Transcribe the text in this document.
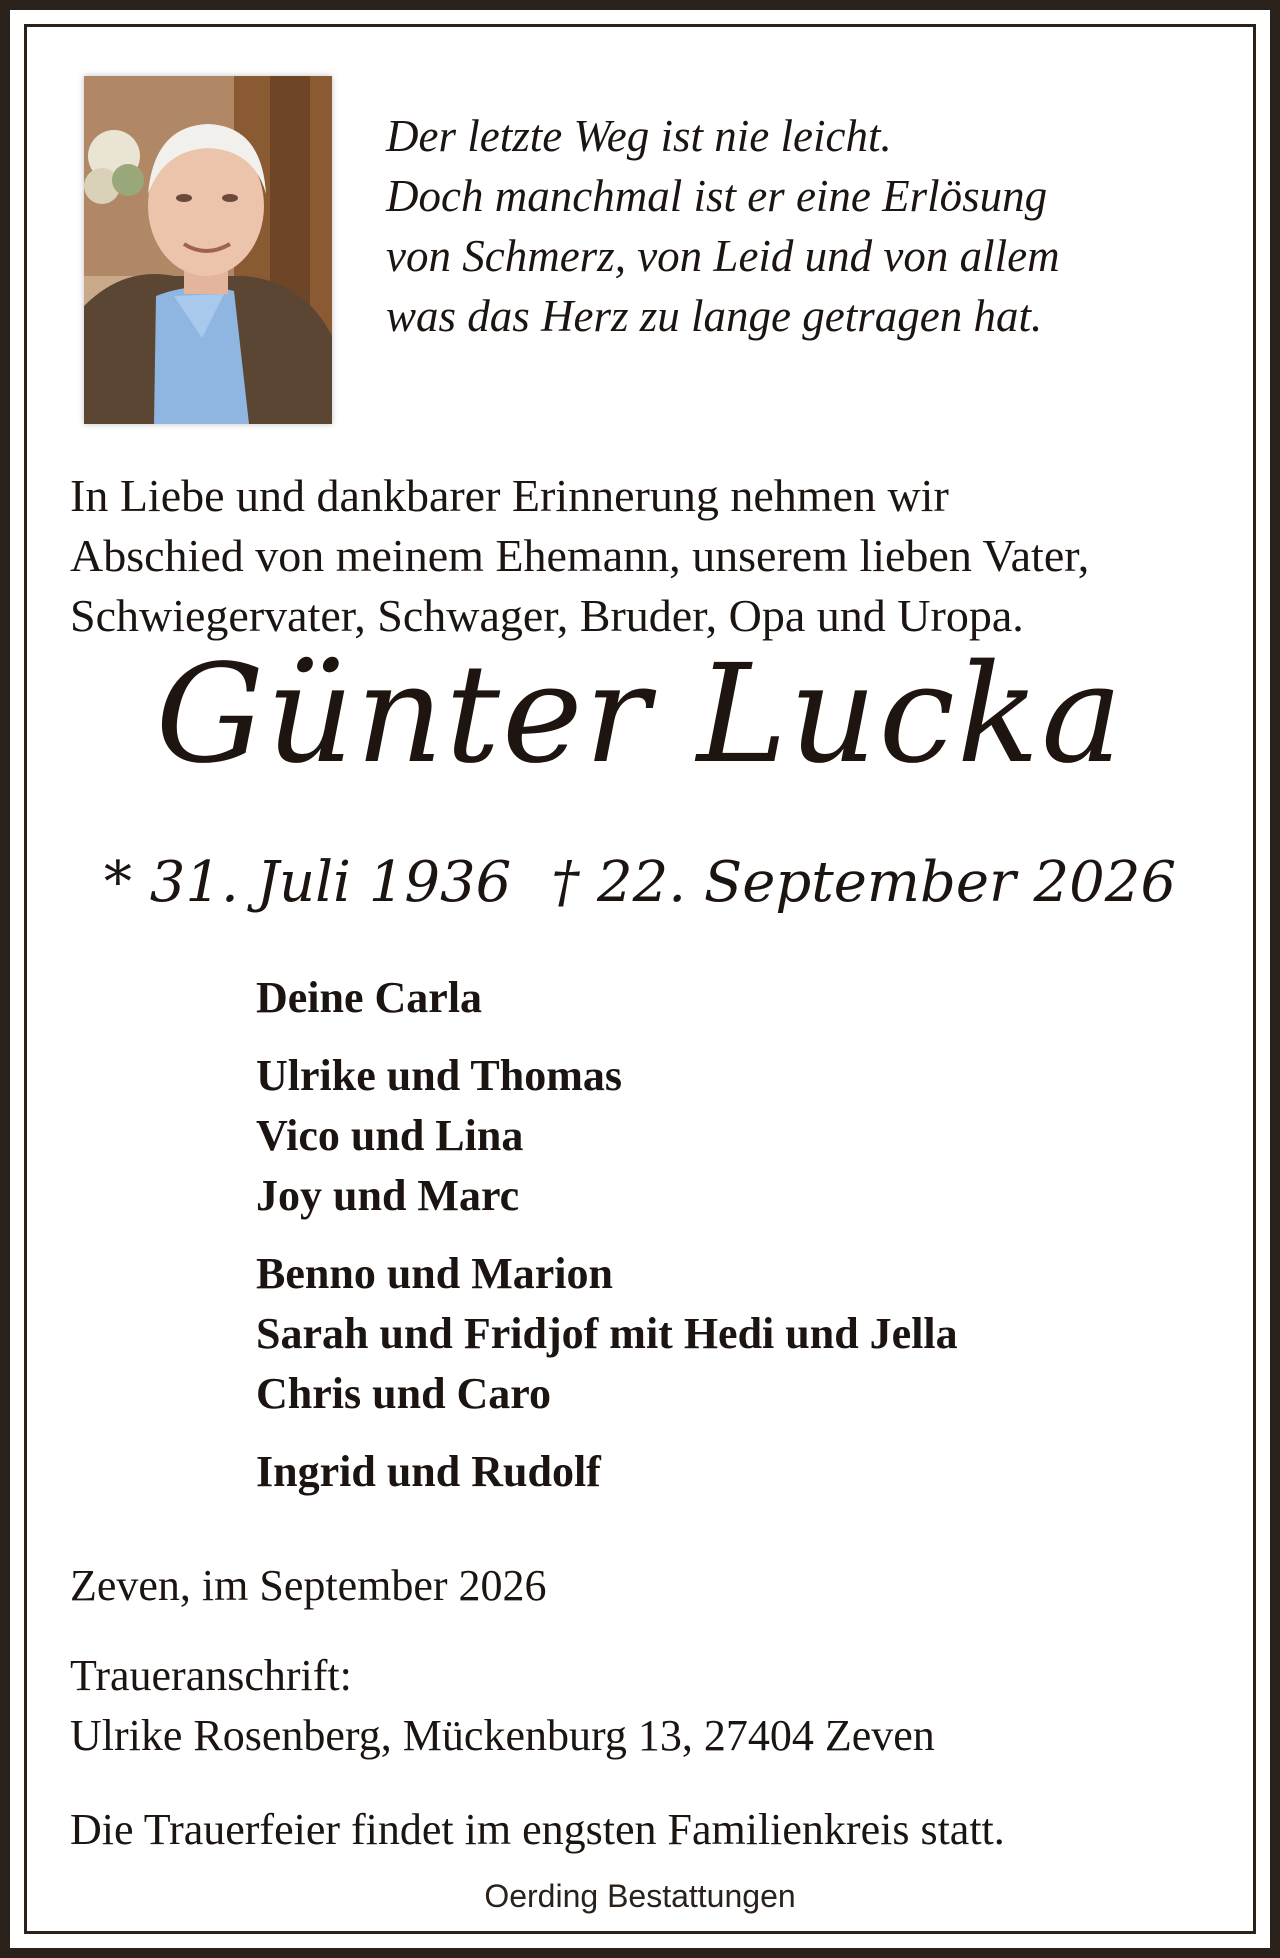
Der letzte Weg ist nie leicht.
Doch manchmal ist er eine Erlösung
von Schmerz, von Leid und von allem
was das Herz zu lange getragen hat.
In Liebe und dankbarer Erinnerung nehmen wir
Abschied von meinem Ehemann, unserem lieben Vater,
Schwiegervater, Schwager, Bruder, Opa und Uropa.
Günter Lucka
* 31. Juli 1936 † 22. September 2026
Deine Carla
Ulrike und Thomas
Vico und Lina
Joy und Marc
Benno und Marion
Sarah und Fridjof mit Hedi und Jella
Chris und Caro
Ingrid und Rudolf
Zeven, im September 2026
Traueranschrift:
Ulrike Rosenberg, Mückenburg 13, 27404 Zeven
Die Trauerfeier findet im engsten Familienkreis statt.
Oerding Bestattungen
